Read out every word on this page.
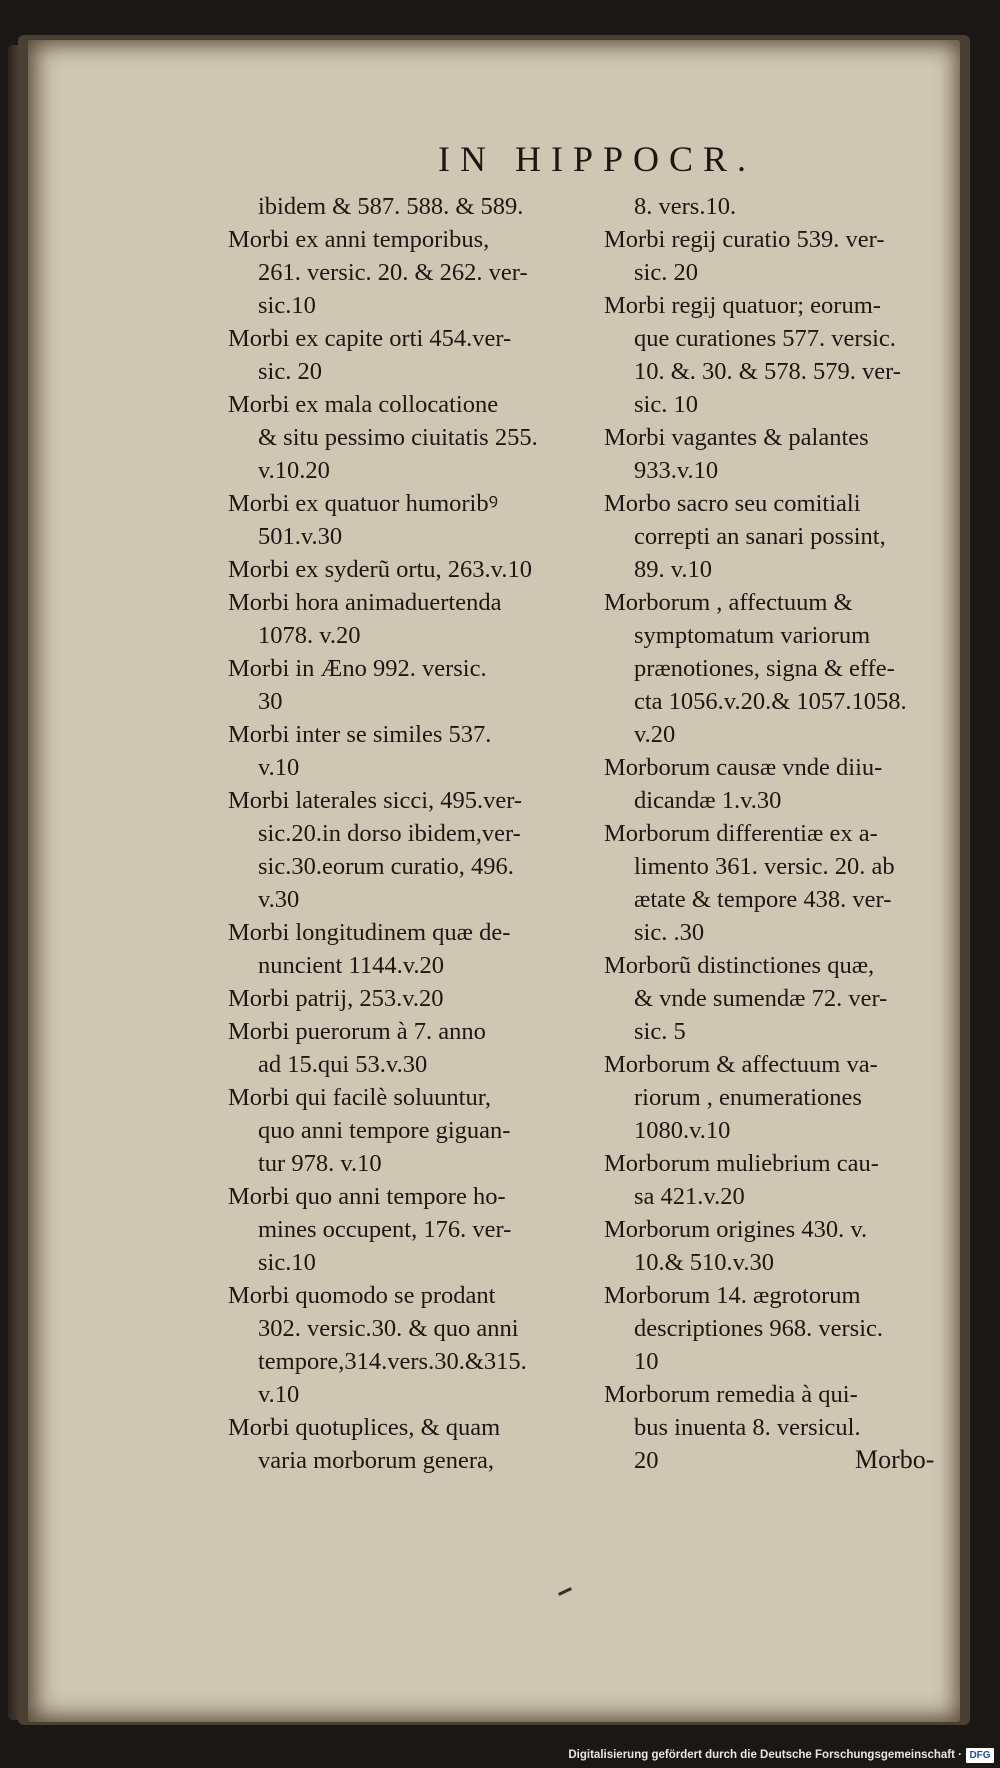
IN HIPPOCR.
ibidem & 587. 588. & 589.
Morbi ex anni temporibus,
261. versic. 20. & 262. ver-
sic.10
Morbi ex capite orti 454.ver-
sic. 20
Morbi ex mala collocatione
& situ pessimo ciuitatis 255.
v.10.20
Morbi ex quatuor humoribꝰ
501.v.30
Morbi ex syderũ ortu, 263.v.10
Morbi hora animaduertenda
1078. v.20
Morbi in Æno 992. versic.
30
Morbi inter se similes 537.
v.10
Morbi laterales sicci, 495.ver-
sic.20.in dorso ibidem,ver-
sic.30.eorum curatio, 496.
v.30
Morbi longitudinem quæ de-
nuncient 1144.v.20
Morbi patrij, 253.v.20
Morbi puerorum à 7. anno
ad 15.qui 53.v.30
Morbi qui facilè soluuntur,
quo anni tempore giguan-
tur 978. v.10
Morbi quo anni tempore ho-
mines occupent, 176. ver-
sic.10
Morbi quomodo se prodant
302. versic.30. & quo anni
tempore,314.vers.30.&315.
v.10
Morbi quotuplices, & quam
varia morborum genera,
8. vers.10.
Morbi regij curatio 539. ver-
sic. 20
Morbi regij quatuor; eorum-
que curationes 577. versic.
10. &. 30. & 578. 579. ver-
sic. 10
Morbi vagantes & palantes
933.v.10
Morbo sacro seu comitiali
correpti an sanari possint,
89. v.10
Morborum , affectuum &
symptomatum variorum
prænotiones, signa & effe-
cta 1056.v.20.& 1057.1058.
v.20
Morborum causæ vnde diiu-
dicandæ 1.v.30
Morborum differentiæ ex a-
limento 361. versic. 20. ab
ætate & tempore 438. ver-
sic. .30
Morborũ distinctiones quæ,
& vnde sumendæ 72. ver-
sic. 5
Morborum & affectuum va-
riorum , enumerationes
1080.v.10
Morborum muliebrium cau-
sa 421.v.20
Morborum origines 430. v.
10.& 510.v.30
Morborum 14. ægrotorum
descriptiones 968. versic.
10
Morborum remedia à qui-
bus inuenta 8. versicul.
20	Morbo-
Digitalisierung gefördert durch die Deutsche Forschungsgemeinschaft · DFG
